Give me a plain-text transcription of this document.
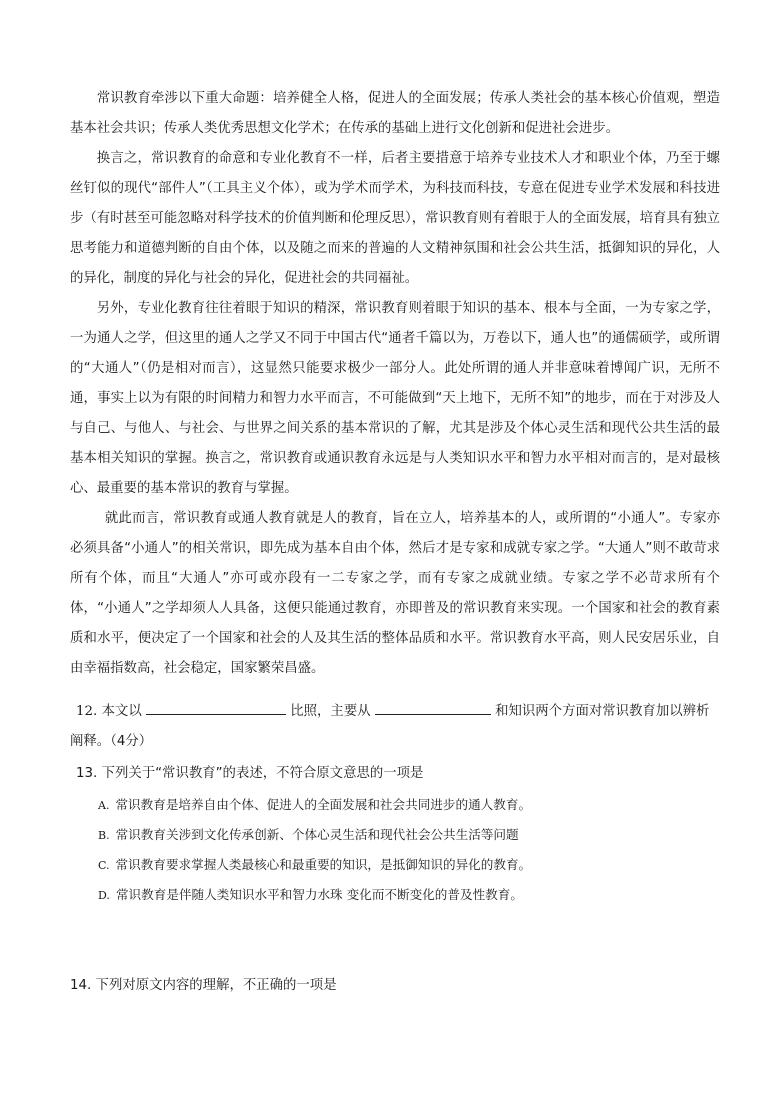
常识教育牵涉以下重大命题：培养健全人格，促进人的全面发展；传承人类社会的基本核心价值观，塑造基本社会共识；传承人类优秀思想文化学术；在传承的基础上进行文化创新和促进社会进步。

换言之，常识教育的命意和专业化教育不一样，后者主要措意于培养专业技术人才和职业个体，乃至于螺丝钉似的现代“部件人”（工具主义个体），或为学术而学术，为科技而科技，专意在促进专业学术发展和科技进步（有时甚至可能忽略对科学技术的价值判断和伦理反思），常识教育则有着眼于人的全面发展，培育具有独立思考能力和道德判断的自由个体，以及随之而来的普遍的人文精神氛围和社会公共生活，抵御知识的异化，人的异化，制度的异化与社会的异化，促进社会的共同福祉。

另外，专业化教育往往着眼于知识的精深，常识教育则着眼于知识的基本、根本与全面，一为专家之学，一为通人之学，但这里的通人之学又不同于中国古代“通者千篇以为，万卷以下，通人也”的通儒硕学，或所谓的“大通人”（仍是相对而言），这显然只能要求极少一部分人。此处所谓的通人并非意味着博闻广识，无所不通，事实上以为有限的时间精力和智力水平而言，不可能做到“天上地下，无所不知”的地步，而在于对涉及人与自己、与他人、与社会、与世界之间关系的基本常识的了解，尤其是涉及个体心灵生活和现代公共生活的最基本相关知识的掌握。换言之，常识教育或通识教育永远是与人类知识水平和智力水平相对而言的，是对最核心、最重要的基本常识的教育与掌握。

就此而言，常识教育或通人教育就是人的教育，旨在立人，培养基本的人，或所谓的“小通人”。专家亦必须具备“小通人”的相关常识，即先成为基本自由个体，然后才是专家和成就专家之学。“大通人”则不敢苛求所有个体，而且“大通人”亦可或亦段有一二专家之学，而有专家之成就业绩。专家之学不必苛求所有个体，“小通人”之学却须人人具备，这便只能通过教育，亦即普及的常识教育来实现。一个国家和社会的教育素质和水平，便决定了一个国家和社会的人及其生活的整体品质和水平。常识教育水平高，则人民安居乐业，自由幸福指数高，社会稳定，国家繁荣昌盛。

12. 本文以	比照，主要从	和知识两个方面对常识教育加以辨析
阐释。（4分）
13. 下列关于“常识教育”的表述，不符合原文意思的一项是
A. 常识教育是培养自由个体、促进人的全面发展和社会共同进步的通人教育。
B. 常识教育关涉到文化传承创新、个体心灵生活和现代社会公共生活等问题
C. 常识教育要求掌握人类最核心和最重要的知识，是抵御知识的异化的教育。
D. 常识教育是伴随人类知识水平和智力水珠 变化而不断变化的普及性教育。
14. 下列对原文内容的理解，不正确的一项是
